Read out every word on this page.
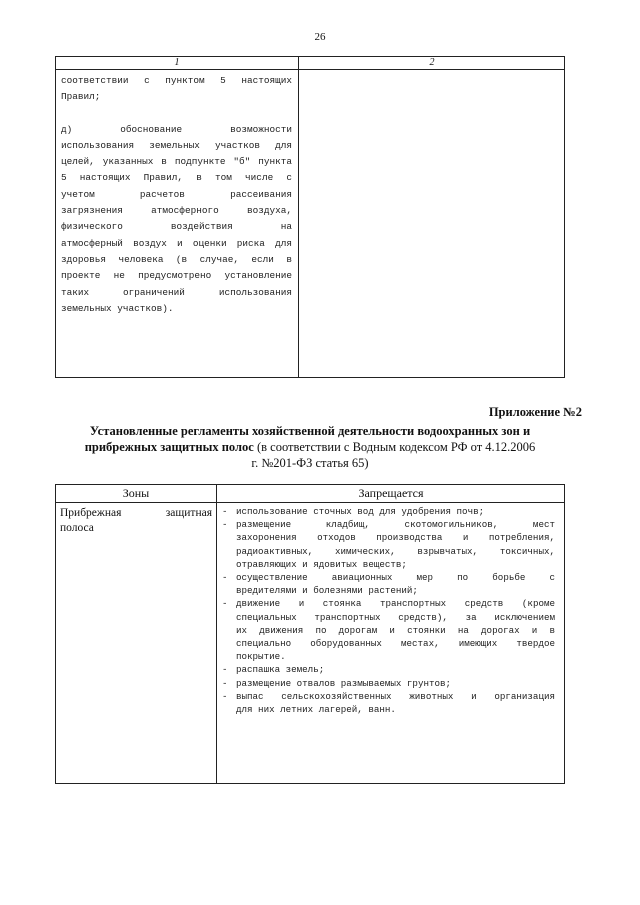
26
1	2
соответствии с пунктом 5 настоящих
Правил;
д) обоснование возможности
использования земельных участков для
целей, указанных в подпункте "б" пункта
5 настоящих Правил, в том числе с
учетом расчетов рассеивания
загрязнения атмосферного воздуха,
физического воздействия на
атмосферный воздух и оценки риска для
здоровья человека (в случае, если в
проекте не предусмотрено установление
таких ограничений использования
земельных участков).
Приложение №2
Установленные регламенты хозяйственной деятельности водоохранных зон и
прибрежных защитных полос (в соответствии с Водным кодексом РФ от 4.12.2006
г. №201-ФЗ статья 65)
Зоны	Запрещается
Прибрежная защитная
полоса
- использование сточных вод для удобрения почв;
- размещение кладбищ, скотомогильников, мест
захоронения отходов производства и потребления,
радиоактивных, химических, взрывчатых, токсичных,
отравляющих и ядовитых веществ;
- осуществление авиационных мер по борьбе с
вредителями и болезнями растений;
- движение и стоянка транспортных средств (кроме
специальных транспортных средств), за исключением
их движения по дорогам и стоянки на дорогах и в
специально оборудованных местах, имеющих твердое
покрытие.
- распашка земель;
- размещение отвалов размываемых грунтов;
- выпас сельскохозяйственных животных и организация
для них летних лагерей, ванн.
